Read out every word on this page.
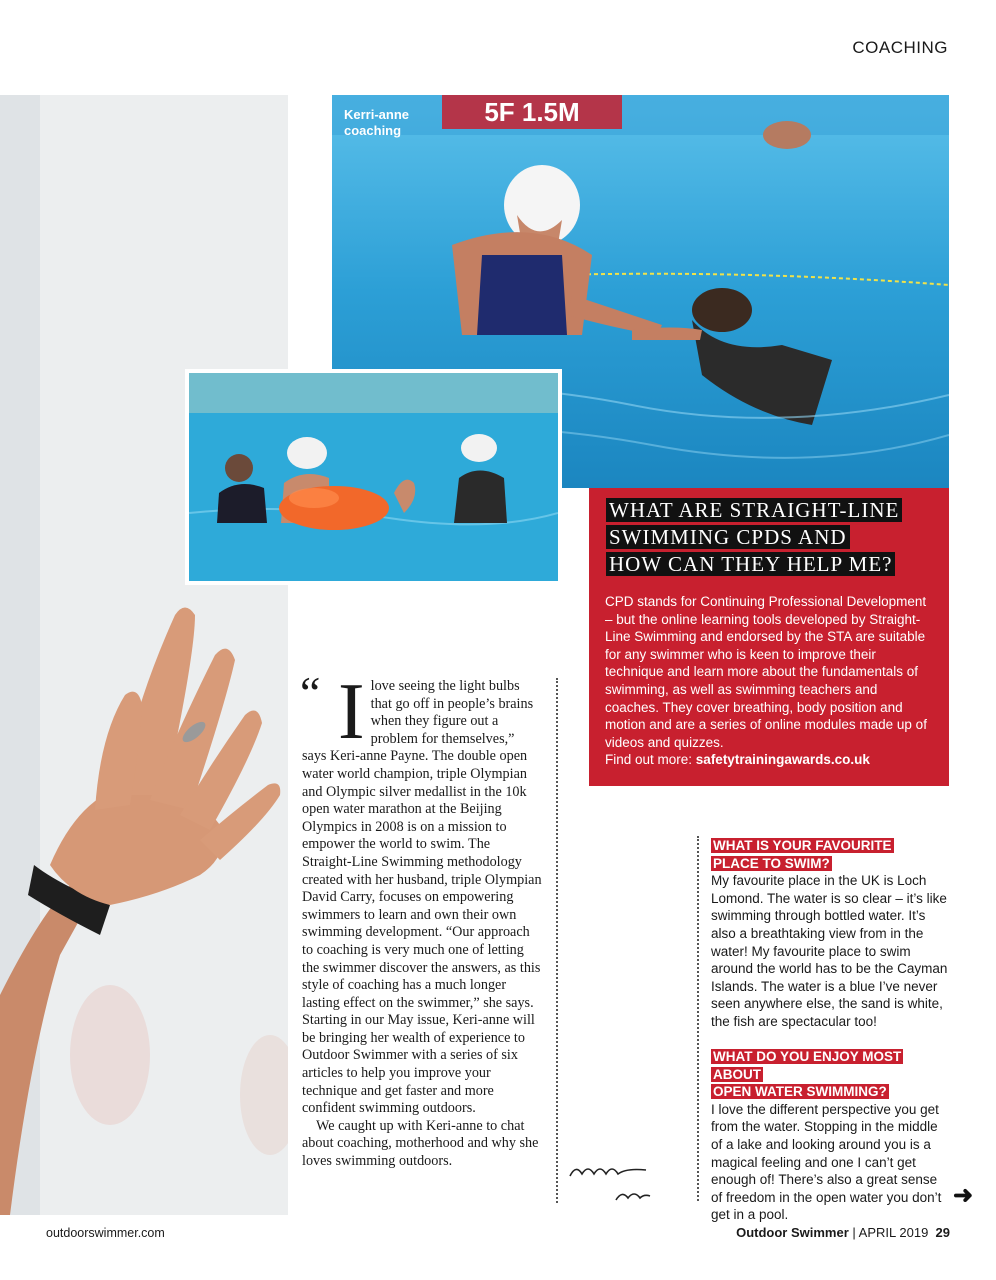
COACHING
5F 1.5M
Kerri-anne
coaching
WHAT ARE STRAIGHT-LINE
SWIMMING CPDS AND
HOW CAN THEY HELP ME?
CPD stands for Continuing Professional Development – but the online learning tools developed by Straight-Line Swimming and endorsed by the STA are suitable for any swimmer who is keen to improve their technique and learn more about the fundamentals of swimming, as well as swimming teachers and coaches. They cover breathing, body position and motion and are a series of online modules made up of videos and quizzes.
Find out more: safetytrainingawards.co.uk
“ I love seeing the light bulbs that go off in people’s brains when they figure out a problem for themselves,” says Keri-anne Payne. The double open water world champion, triple Olympian and Olympic silver medallist in the 10k open water marathon at the Beijing Olympics in 2008 is on a mission to empower the world to swim. The Straight-Line Swimming methodology created with her husband, triple Olympian David Carry, focuses on empowering swimmers to learn and own their own swimming development. “Our approach to coaching is very much one of letting the swimmer discover the answers, as this style of coaching has a much longer lasting effect on the swimmer,” she says. Starting in our May issue, Keri-anne will be bringing her wealth of experience to Outdoor Swimmer with a series of six articles to help you improve your technique and get faster and more confident swimming outdoors.

We caught up with Keri-anne to chat about coaching, motherhood and why she loves swimming outdoors.

WHAT IS YOUR FAVOURITE
PLACE TO SWIM?

My favourite place in the UK is Loch Lomond. The water is so clear – it’s like swimming through bottled water. It’s also a breathtaking view from in the water! My favourite place to swim around the world has to be the Cayman Islands. The water is a blue I’ve never seen anywhere else, the sand is white, the fish are spectacular too!

WHAT DO YOU ENJOY MOST ABOUT
OPEN WATER SWIMMING?

I love the different perspective you get from the water. Stopping in the middle of a lake and looking around you is a magical feeling and one I can’t get enough of! There’s also a great sense of freedom in the open water you don’t get in a pool.

➜
outdoorswimmer.com	Outdoor Swimmer | APRIL 2019 29
